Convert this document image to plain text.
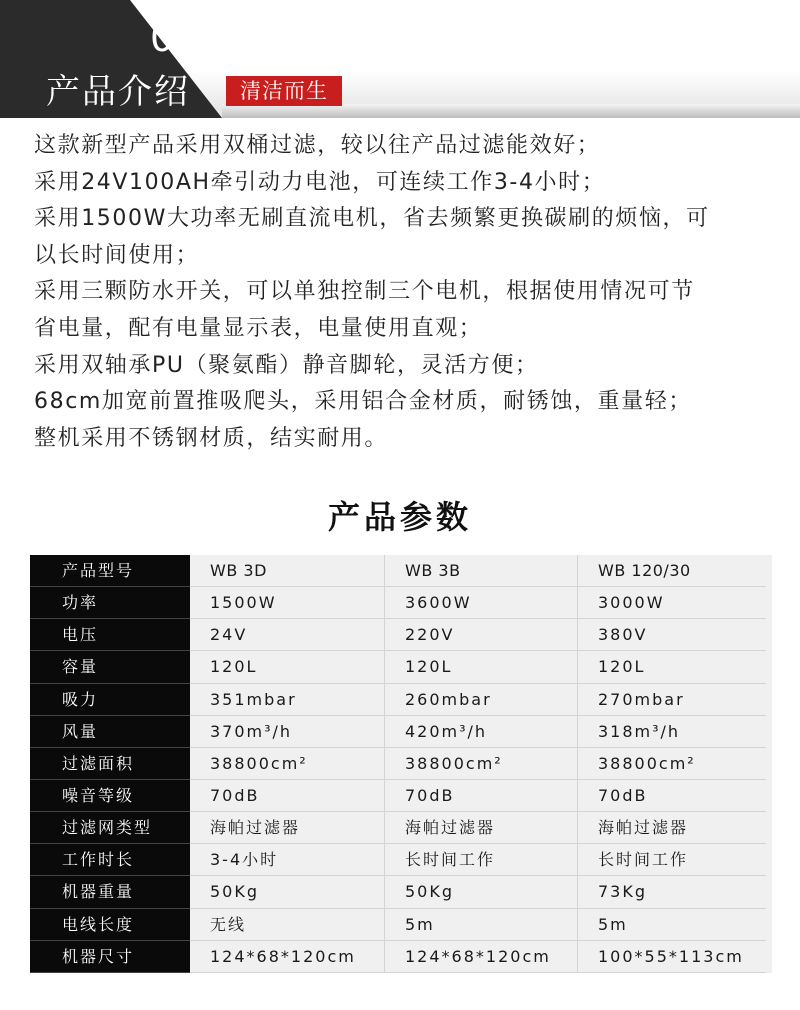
01
产品介绍	清洁而生

这款新型产品采用双桶过滤，较以往产品过滤能效好；

采用24V100AH牵引动力电池，可连续工作3-4小时；

采用1500W大功率无刷直流电机，省去频繁更换碳刷的烦恼，可

以长时间使用；

采用三颗防水开关，可以单独控制三个电机，根据使用情况可节

省电量，配有电量显示表，电量使用直观；

采用双轴承PU（聚氨酯）静音脚轮，灵活方便；

68cm加宽前置推吸爬头，采用铝合金材质，耐锈蚀，重量轻；

整机采用不锈钢材质，结实耐用。

产品参数
产品型号	WB 3D	WB 3B	WB 120/30
功率	1500W	3600W	3000W
电压	24V	220V	380V
容量	120L	120L	120L
吸力	351mbar	260mbar	270mbar
风量	370m³/h	420m³/h	318m³/h
过滤面积	38800cm²	38800cm²	38800cm²
噪音等级	70dB	70dB	70dB
过滤网类型	海帕过滤器	海帕过滤器	海帕过滤器
工作时长	3-4小时	长时间工作	长时间工作
机器重量	50Kg	50Kg	73Kg
电线长度	无线	5m	5m
机器尺寸	124*68*120cm	124*68*120cm	100*55*113cm
